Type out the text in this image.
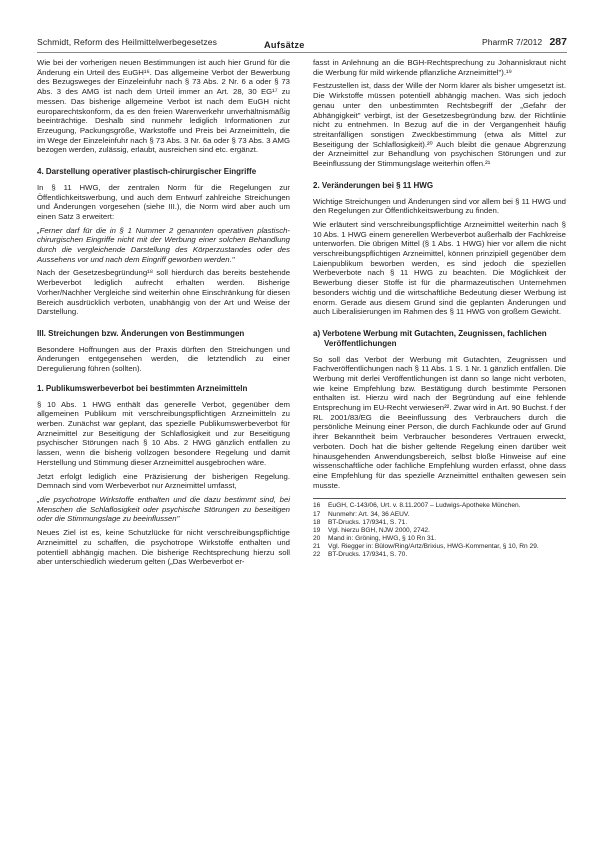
Schmidt, Reform des Heilmittelwerbegesetzes	Aufsätze	PharmR 7/2012 287

Wie bei der vorherigen neuen Bestimmungen ist auch hier Grund für die Änderung ein Urteil des EuGH¹⁶. Das allgemeine Verbot der Bewerbung des Bezugsweges der Einzeleinfuhr nach § 73 Abs. 2 Nr. 6 a oder § 73 Abs. 3 des AMG ist nach dem Urteil immer an Art. 28, 30 EG¹⁷ zu messen. Das bisherige allgemeine Verbot ist nach dem EuGH nicht europarechtskonform, da es den freien Warenverkehr unverhältnismäßig beeinträchtige. Deshalb sind nunmehr lediglich Informationen zur Erzeugung, Packungsgröße, Warkstoffe und Preis bei Arzneimitteln, die im Wege der Einzeleinfuhr nach § 73 Abs. 3 Nr. 6a oder § 73 Abs. 3 AMG bezogen werden, zulässig, erlaubt, ausreichen sind etc. ergänzt.

4. Darstellung operativer plastisch-chirurgischer Eingriffe

In § 11 HWG, der zentralen Norm für die Regelungen zur Öffentlichkeitswerbung, und auch dem Entwurf zahlreiche Streichungen und Änderungen vorgesehen (siehe III.), die Norm wird aber auch um einen Satz 3 erweitert:

„Ferner darf für die in § 1 Nummer 2 genannten operativen plastisch-chirurgischen Eingriffe nicht mit der Werbung einer solchen Behandlung durch die vergleichende Darstellung des Körperzustandes oder des Aussehens vor und nach dem Eingriff geworben werden."

Nach der Gesetzesbegründung¹⁸ soll hierdurch das bereits bestehende Werbeverbot lediglich aufrecht erhalten werden. Bisherige Vorher/Nachher Vergleiche sind weiterhin ohne Einschränkung für diesen Bereich ausdrücklich verboten, unabhängig von der Art und Weise der Darstellung.

III. Streichungen bzw. Änderungen von Bestimmungen

Besondere Hoffnungen aus der Praxis dürften den Streichungen und Änderungen entgegensehen werden, die letztendlich zu einer Deregulierung führen (sollten).

1. Publikumswerbeverbot bei bestimmten Arzneimitteln

§ 10 Abs. 1 HWG enthält das generelle Verbot, gegenüber dem allgemeinen Publikum mit verschreibungspflichtigen Arzneimitteln zu werben. Zunächst war geplant, das spezielle Publikumswerbeverbot für Arzneimittel zur Beseitigung der Schlaflosigkeit und zur Beseitigung psychischer Störungen nach § 10 Abs. 2 HWG gänzlich entfallen zu lassen, wenn die bisherig vollzogen besondere Regelung und damit Herstellung und Stimmung dieser Arzneimittel ausgebrochen wäre.

Jetzt erfolgt lediglich eine Präzisierung der bisherigen Regelung. Demnach sind vom Werbeverbot nur Arzneimittel umfasst,

„die psychotrope Wirkstoffe enthalten und die dazu bestimmt sind, bei Menschen die Schlaflosigkeit oder psychische Störungen zu beseitigen oder die Stimmungslage zu beeinflussen"

Neues Ziel ist es, keine Schutzlücke für nicht verschreibungspflichtige Arzneimittel zu schaffen, die psychotrope Wirkstoffe enthalten und potentiell abhängig machen. Die bisherige Rechtsprechung hierzu soll aber unterschiedlich wiederum gelten („Das Werbeverbot er-

fasst in Anlehnung an die BGH-Rechtsprechung zu Johanniskraut nicht die Werbung für mild wirkende pflanzliche Arzneimittel").¹⁹

Festzustellen ist, dass der Wille der Norm klarer als bisher umgesetzt ist. Die Wirkstoffe müssen potentiell abhängig machen. Was sich jedoch genau unter den unbestimmten Rechtsbegriff der „Gefahr der Abhängigkeit" verbirgt, ist der Gesetzesbegründung bzw. der Richtlinie nicht zu entnehmen. In Bezug auf die in der Vergangenheit häufig streitanfälligen sonstigen Zweckbestimmung (etwa als Mittel zur Beseitigung der Schlaflosigkeit).²⁰ Auch bleibt die genaue Abgrenzung der Arzneimittel zur Behandlung von psychischen Störungen und zur Beeinflussung der Stimmungslage weiterhin offen.²¹

2. Veränderungen bei § 11 HWG

Wichtige Streichungen und Änderungen sind vor allem bei § 11 HWG und den Regelungen zur Öffentlichkeitswerbung zu finden.

Wie erläutert sind verschreibungspflichtige Arzneimittel weiterhin nach § 10 Abs. 1 HWG einem generellen Werbeverbot außerhalb der Fachkreise unterworfen. Die übrigen Mittel (§ 1 Abs. 1 HWG) hier vor allem die nicht verschreibungspflichtigen Arzneimittel, können prinzipiell gegenüber dem Laienpublikum beworben werden, es sind jedoch die speziellen Werbeverbote nach § 11 HWG zu beachten. Die Möglichkeit der Bewerbung dieser Stoffe ist für die pharmazeutischen Unternehmen besonders wichtig und die wirtschaftliche Bedeutung dieser Werbung ist enorm. Gerade aus diesem Grund sind die geplanten Änderungen und auch Liberalisierungen im Rahmen des § 11 HWG von großem Gewicht.

a) Verbotene Werbung mit Gutachten, Zeugnissen, fachlichen Veröffentlichungen

So soll das Verbot der Werbung mit Gutachten, Zeugnissen und Fachveröffentlichungen nach § 11 Abs. 1 S. 1 Nr. 1 gänzlich entfallen. Die Werbung mit derlei Veröffentlichungen ist dann so lange nicht verboten, wie keine Empfehlung bzw. Bestätigung durch bestimmte Personen enthalten ist. Hierzu wird nach der Begründung auf eine fehlende Entsprechung im EU-Recht verwiesen²². Zwar wird in Art. 90 Buchst. f der RL 2001/83/EG die Beeinflussung des Verbrauchers durch die persönliche Meinung einer Person, die durch Fachkunde oder auf Grund ihrer Bekanntheit beim Verbraucher besonderes Vertrauen erweckt, verboten. Doch hat die bisher geltende Regelung einen darüber weit hinausgehenden Anwendungsbereich, selbst bloße Hinweise auf eine wissenschaftliche oder fachliche Empfehlung wurden erfasst, ohne dass eine Empfehlung für das spezielle Arzneimittel enthalten gewesen sein musste.

16	EuGH, C-143/06, Urt. v. 8.11.2007 – Ludwigs-Apotheke München.
17	Nunmehr: Art. 34, 36 AEUV.
18	BT-Drucks. 17/9341, S. 71.
19	Vgl. hierzu BGH, NJW 2000, 2742.
20	Mand in: Gröning, HWG, § 10 Rn 31.
21	Vgl. Riegger in: Bülow/Ring/Artz/Brixius, HWG-Kommentar, § 10, Rn 29.
22	BT-Drucks. 17/9341, S. 70.
